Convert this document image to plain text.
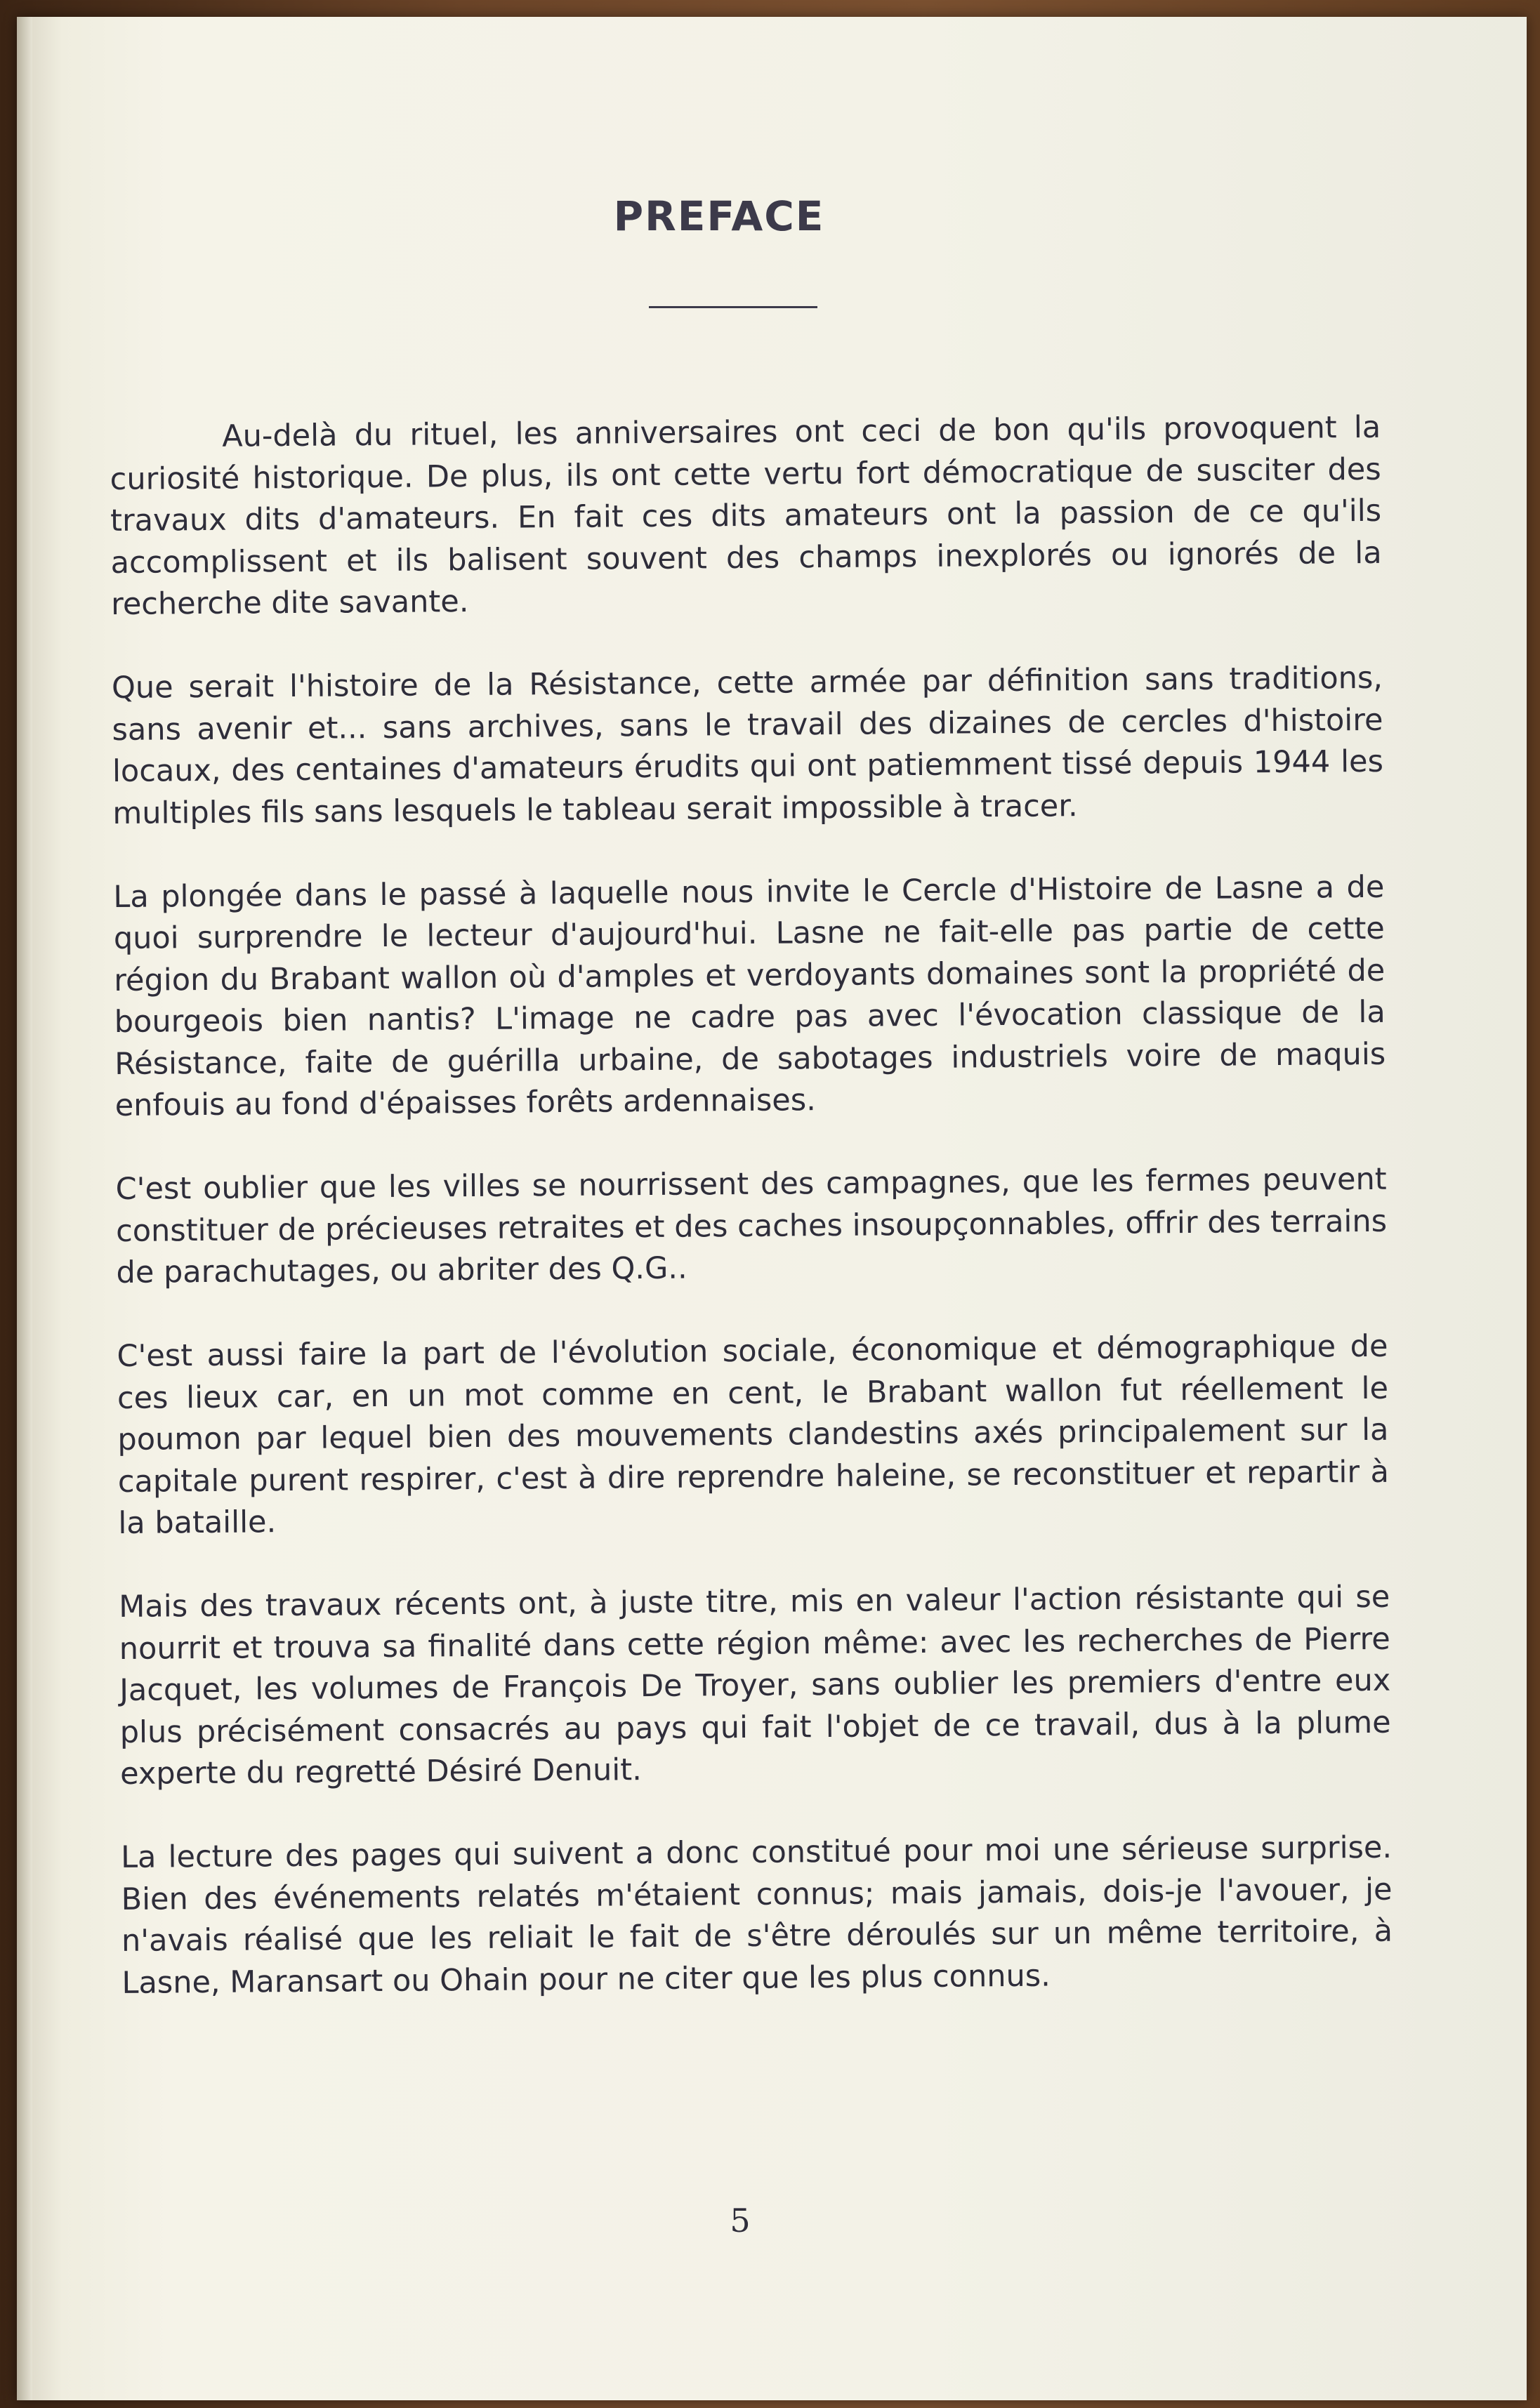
PREFACE

Au-delà du rituel, les anniversaires ont ceci de bon qu'ils provoquent la curiosité historique. De plus, ils ont cette vertu fort démocratique de susciter des travaux dits d'amateurs. En fait ces dits amateurs ont la passion de ce qu'ils accomplissent et ils balisent souvent des champs inexplorés ou ignorés de la recherche dite savante.

Que serait l'histoire de la Résistance, cette armée par définition sans traditions, sans avenir et... sans archives, sans le travail des dizaines de cercles d'histoire locaux, des centaines d'amateurs érudits qui ont patiemment tissé depuis 1944 les multiples fils sans lesquels le tableau serait impossible à tracer.

La plongée dans le passé à laquelle nous invite le Cercle d'Histoire de Lasne a de quoi surprendre le lecteur d'aujourd'hui. Lasne ne fait-elle pas partie de cette région du Brabant wallon où d'amples et verdoyants domaines sont la propriété de bourgeois bien nantis? L'image ne cadre pas avec l'évocation classique de la Résistance, faite de guérilla urbaine, de sabotages industriels voire de maquis enfouis au fond d'épaisses forêts ardennaises.

C'est oublier que les villes se nourrissent des campagnes, que les fermes peuvent constituer de précieuses retraites et des caches insoupçonnables, offrir des terrains de parachutages, ou abriter des Q.G..

C'est aussi faire la part de l'évolution sociale, économique et démographique de ces lieux car, en un mot comme en cent, le Brabant wallon fut réellement le poumon par lequel bien des mouvements clandestins axés principalement sur la capitale purent respirer, c'est à dire reprendre haleine, se reconstituer et repartir à la bataille.

Mais des travaux récents ont, à juste titre, mis en valeur l'action résistante qui se nourrit et trouva sa finalité dans cette région même: avec les recherches de Pierre Jacquet, les volumes de François De Troyer, sans oublier les premiers d'entre eux plus précisément consacrés au pays qui fait l'objet de ce travail, dus à la plume experte du regretté Désiré Denuit.

La lecture des pages qui suivent a donc constitué pour moi une sérieuse surprise. Bien des événements relatés m'étaient connus; mais jamais, dois-je l'avouer, je n'avais réalisé que les reliait le fait de s'être déroulés sur un même territoire, à Lasne, Maransart ou Ohain pour ne citer que les plus connus.

5
